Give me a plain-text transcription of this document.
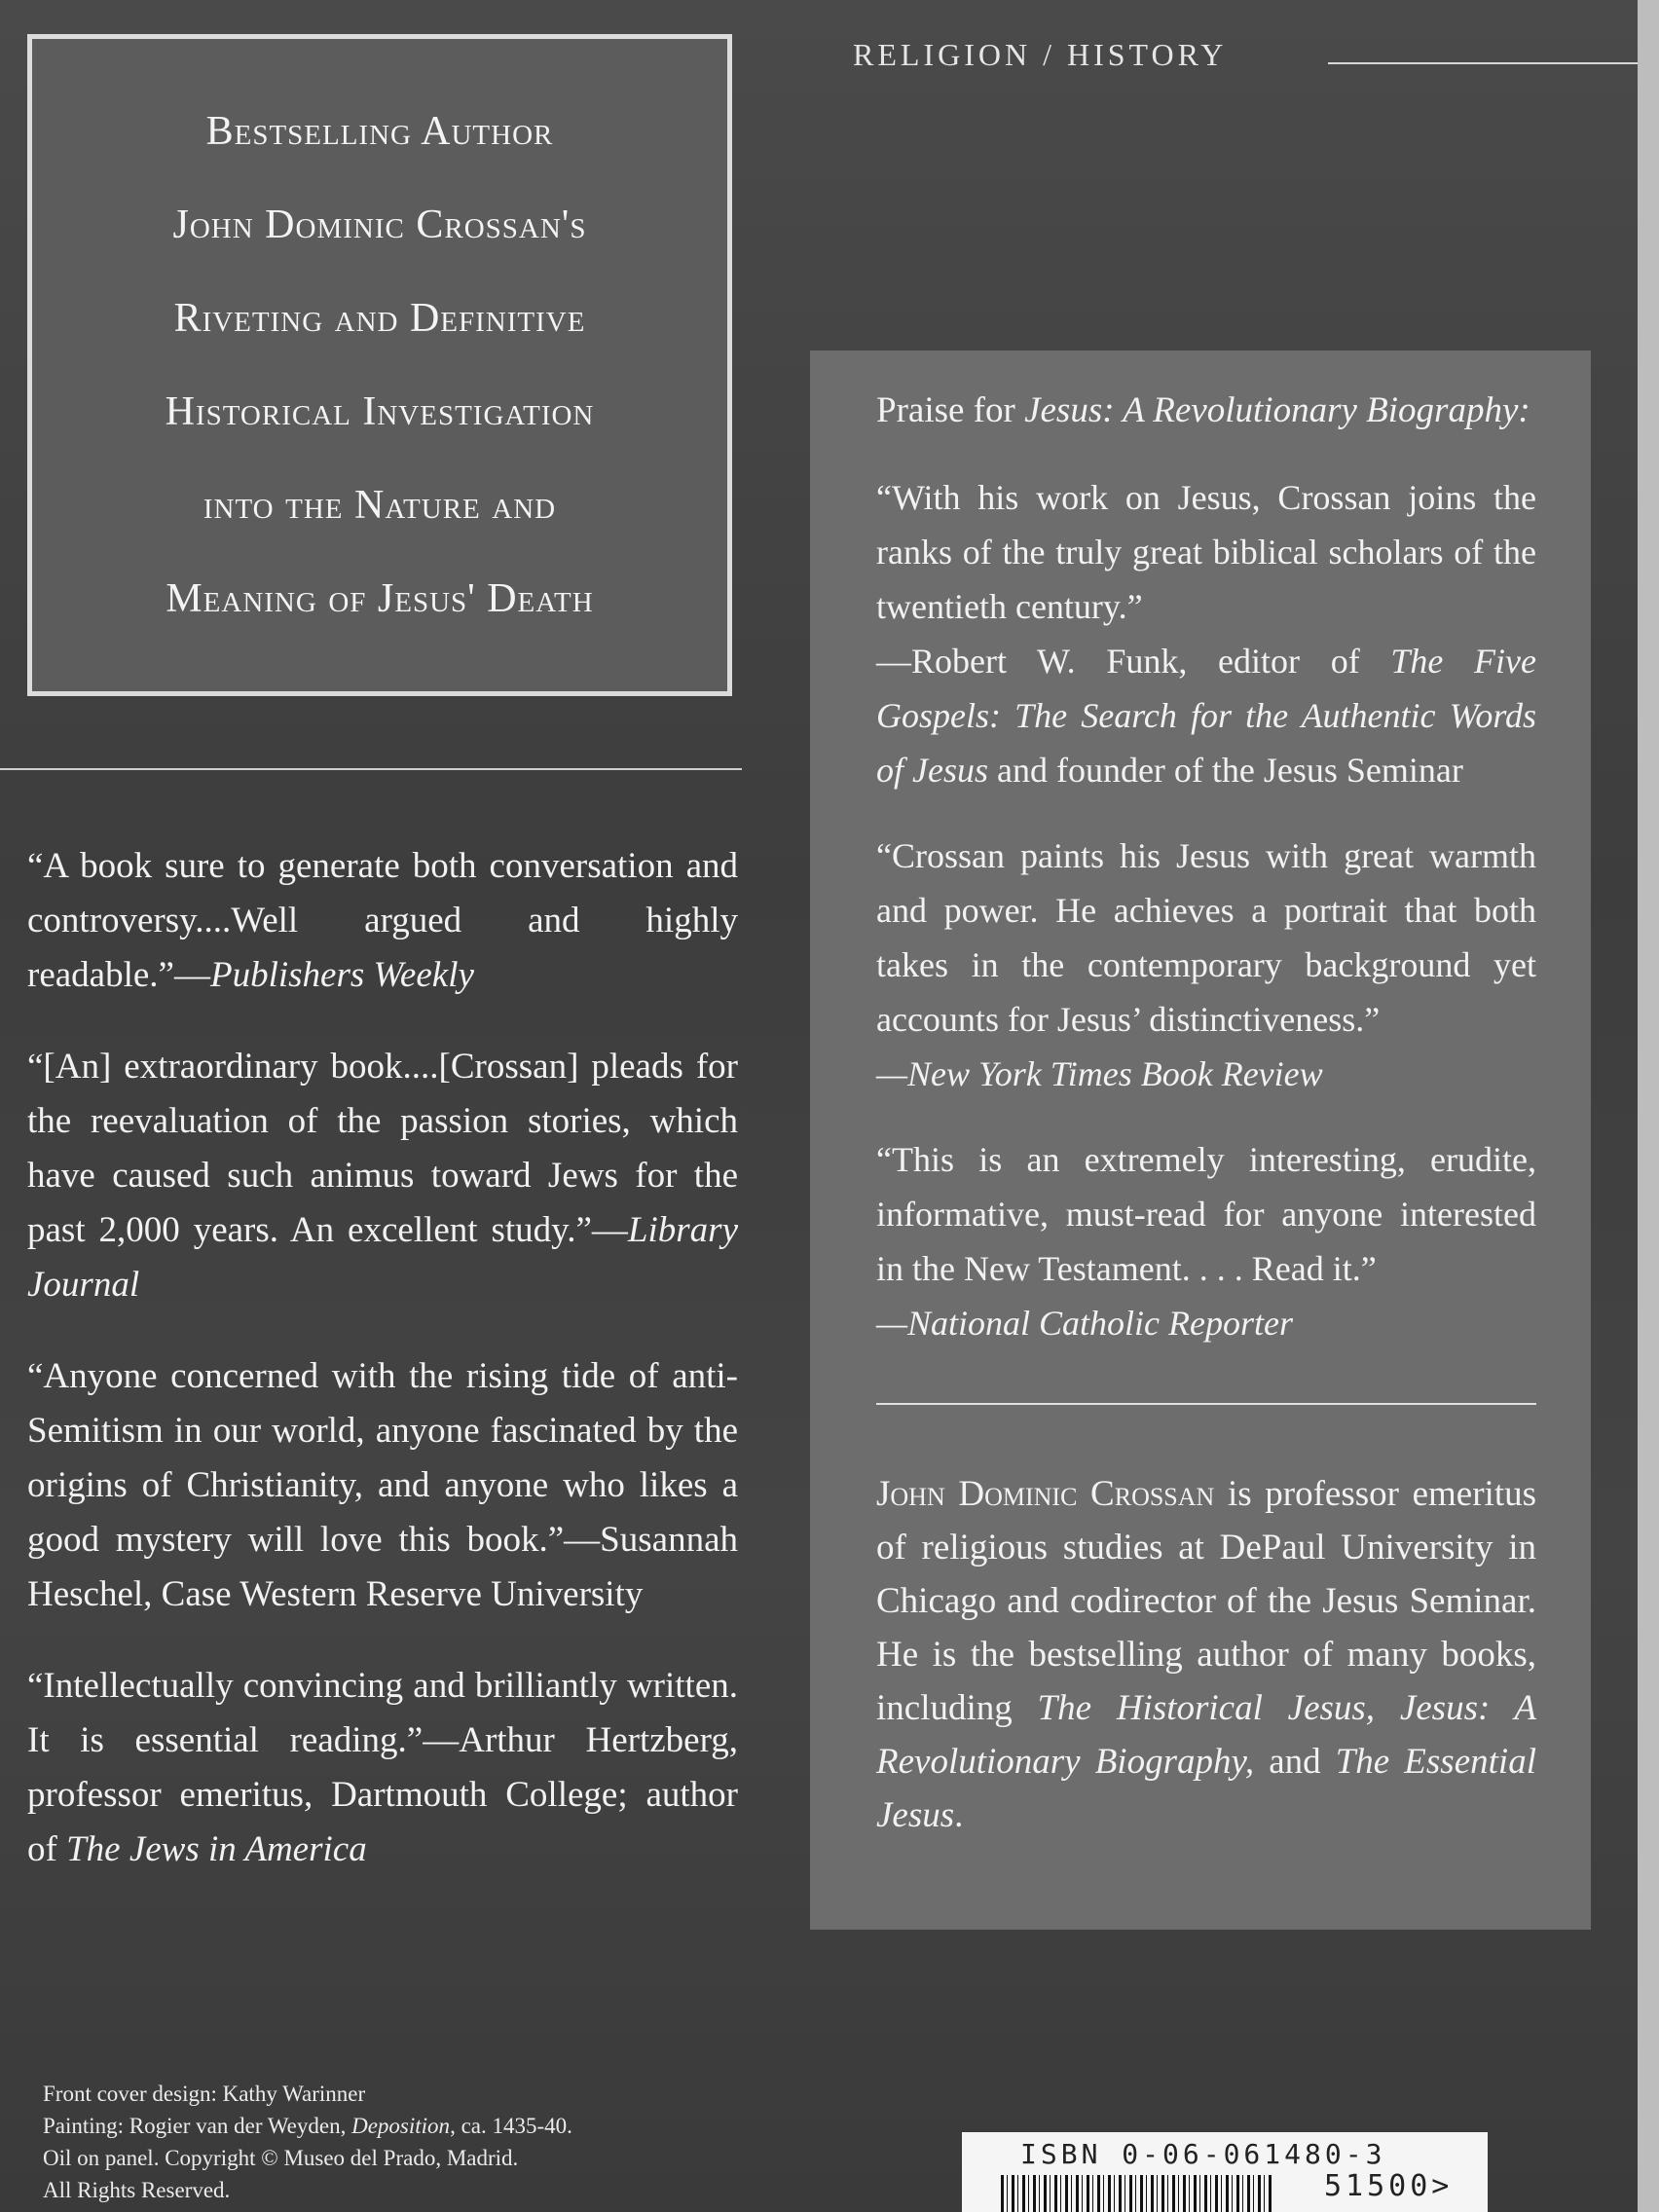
RELIGION / HISTORY
Bestselling Author
John Dominic Crossan's
Riveting and Definitive
Historical Investigation
into the Nature and
Meaning of Jesus' Death
“A book sure to generate both conversation and controversy....Well argued and highly readable.”—Publishers Weekly
“[An] extraordinary book....[Crossan] pleads for the reevaluation of the passion stories, which have caused such animus toward Jews for the past 2,000 years. An excellent study.”—Library Journal
“Anyone concerned with the rising tide of anti-Semitism in our world, anyone fascinated by the origins of Christianity, and anyone who likes a good mystery will love this book.”—Susannah Heschel, Case Western Reserve University
“Intellectually convincing and brilliantly written. It is essential reading.”—Arthur Hertzberg, professor emeritus, Dartmouth College; author of The Jews in America
Praise for Jesus: A Revolutionary Biography:
“With his work on Jesus, Crossan joins the ranks of the truly great biblical scholars of the twentieth century.”
—Robert W. Funk, editor of The Five Gospels: The Search for the Authentic Words of Jesus and founder of the Jesus Seminar
“Crossan paints his Jesus with great warmth and power. He achieves a portrait that both takes in the contemporary background yet accounts for Jesus’ distinctiveness.”
—New York Times Book Review
“This is an extremely interesting, erudite, informative, must-read for anyone interested in the New Testament. . . . Read it.”
—National Catholic Reporter
John Dominic Crossan is professor emeritus of religious studies at DePaul University in Chicago and codirector of the Jesus Seminar. He is the bestselling author of many books, including The Historical Jesus, Jesus: A Revolutionary Biography, and The Essential Jesus.
Front cover design: Kathy Warinner
Painting: Rogier van der Weyden, Deposition, ca. 1435-40.
Oil on panel. Copyright © Museo del Prado, Madrid.
All Rights Reserved.
ISBN 0-06-061480-3
51500>
